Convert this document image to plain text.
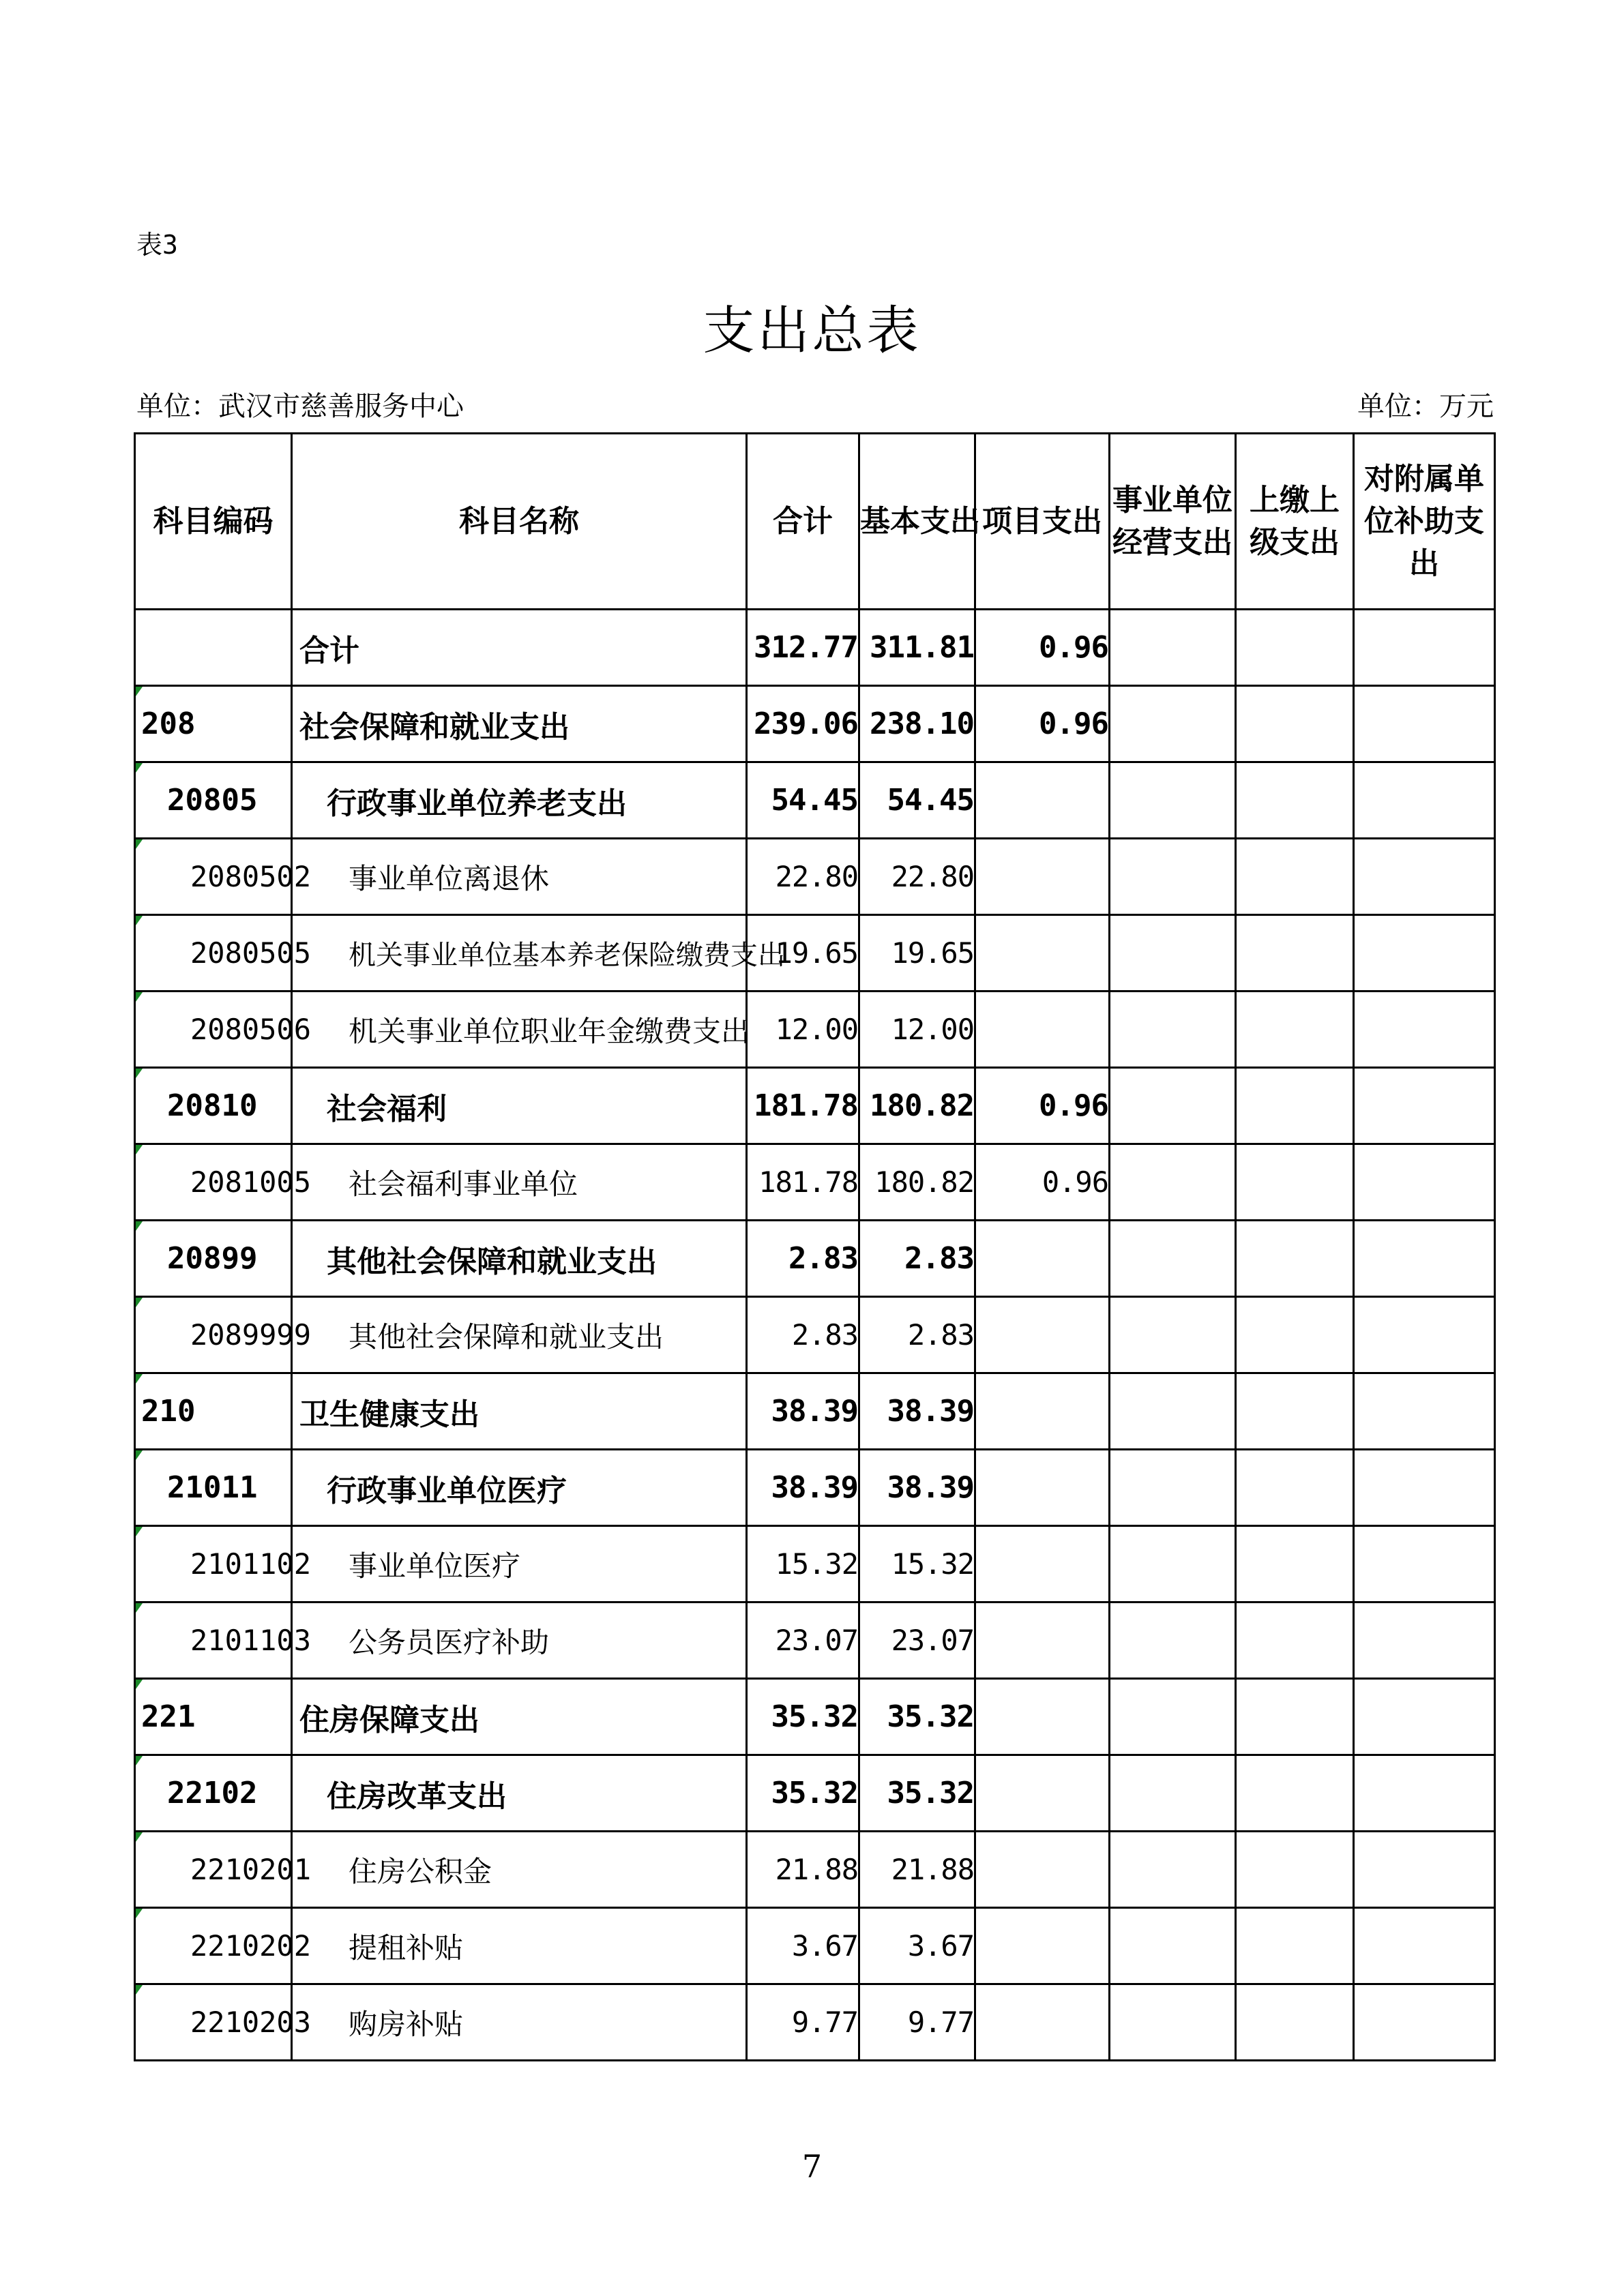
表3
支出总表
单位：武汉市慈善服务中心	单位：万元
科目编码	科目名称	合计	基本支出	项目支出	事业单位经营支出	上缴上级支出	对附属单位补助支出
	合计	312.77	311.81	0.96			
208	社会保障和就业支出	239.06	238.10	0.96			
20805	行政事业单位养老支出	54.45	54.45				
2080502	事业单位离退休	22.80	22.80				
2080505	机关事业单位基本养老保险缴费支出	19.65	19.65				
2080506	机关事业单位职业年金缴费支出	12.00	12.00				
20810	社会福利	181.78	180.82	0.96			
2081005	社会福利事业单位	181.78	180.82	0.96			
20899	其他社会保障和就业支出	2.83	2.83				
2089999	其他社会保障和就业支出	2.83	2.83				
210	卫生健康支出	38.39	38.39				
21011	行政事业单位医疗	38.39	38.39				
2101102	事业单位医疗	15.32	15.32				
2101103	公务员医疗补助	23.07	23.07				
221	住房保障支出	35.32	35.32				
22102	住房改革支出	35.32	35.32				
2210201	住房公积金	21.88	21.88				
2210202	提租补贴	3.67	3.67				
2210203	购房补贴	9.77	9.77				
7
